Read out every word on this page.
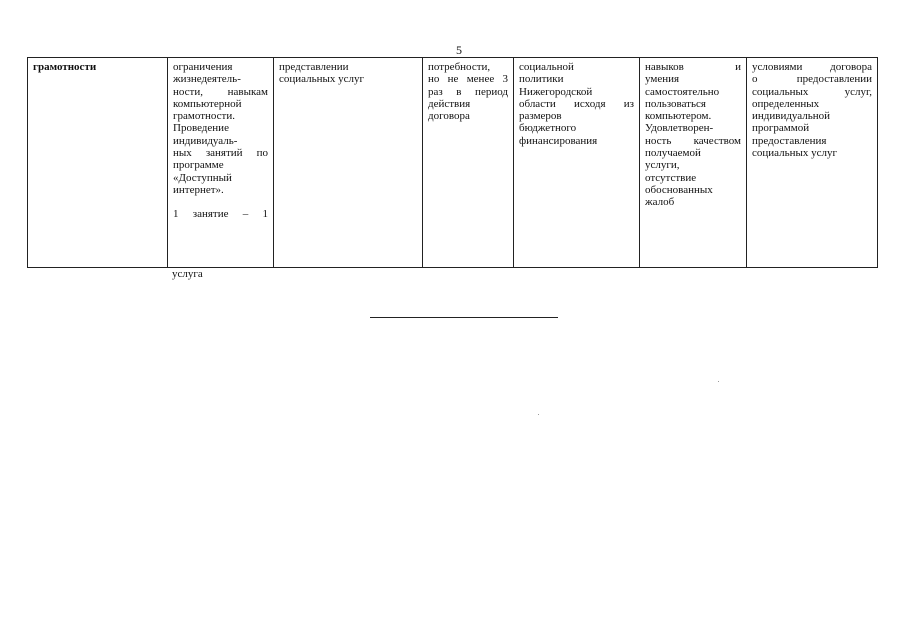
5
грамотности	ограничения
жизнедеятель-
ности, навыкам
компьютерной
грамотности.
Проведение
индивидуаль-
ных занятий по
программе
«Доступный
интернет».
1 занятие – 1
представлении
социальных услуг
потребности,
но не менее 3
раз в период
действия
договора
социальной
политики
Нижегородской
области исходя из
размеров
бюджетного
финансирования
навыков и
умения
самостоятельно
пользоваться
компьютером.
Удовлетворен-
ность качеством
получаемой
услуги,
отсутствие
обоснованных
жалоб
условиями договора
о предоставлении
социальных услуг,
определенных
индивидуальной
программой
предоставления
социальных услуг
услуга
